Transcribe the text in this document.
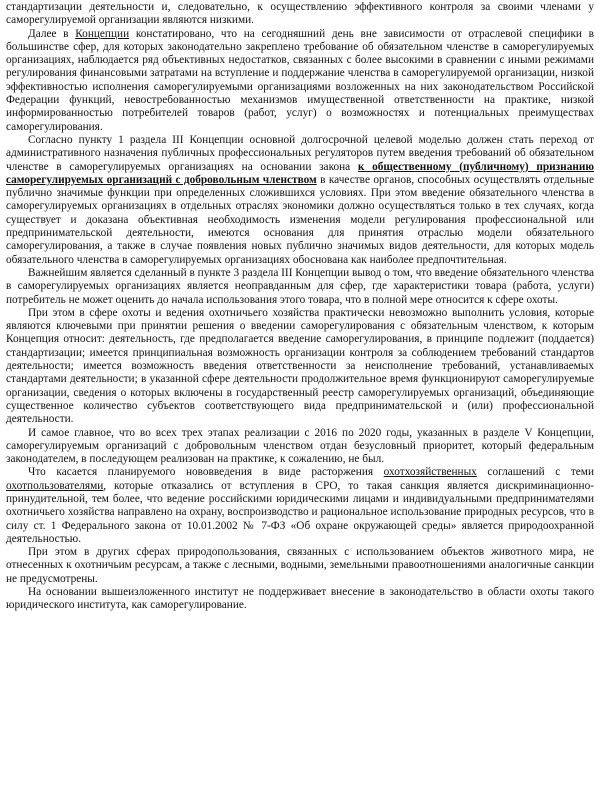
стандартизации деятельности и, следовательно, к осуществлению эффективного контроля за своими членами у саморегулируемой организации являются низкими.

Далее в Концепции констатировано, что на сегодняшний день вне зависимости от отраслевой специфики в большинстве сфер, для которых законодательно закреплено требование об обязательном членстве в саморегулируемых организациях, наблюдается ряд объективных недостатков, связанных с более высокими в сравнении с иными режимами регулирования финансовыми затратами на вступление и поддержание членства в саморегулируемой организации, низкой эффективностью исполнения саморегулируемыми организациями возложенных на них законодательством Российской Федерации функций, невостребованностью механизмов имущественной ответственности на практике, низкой информированностью потребителей товаров (работ, услуг) о возможностях и потенциальных преимуществах саморегулирования.

Согласно пункту 1 раздела III Концепции основной долгосрочной целевой моделью должен стать переход от административного назначения публичных профессиональных регуляторов путем введения требований об обязательном членстве в саморегулируемых организациях на основании закона к общественному (публичному) признанию саморегулируемых организаций с добровольным членством в качестве органов, способных осуществлять отдельные публично значимые функции при определенных сложившихся условиях. При этом введение обязательного членства в саморегулируемых организациях в отдельных отраслях экономики должно осуществляться только в тех случаях, когда существует и доказана объективная необходимость изменения модели регулирования профессиональной или предпринимательской деятельности, имеются основания для принятия отраслью модели обязательного саморегулирования, а также в случае появления новых публично значимых видов деятельности, для которых модель обязательного членства в саморегулируемых организациях обоснована как наиболее предпочтительная.

Важнейшим является сделанный в пункте 3 раздела III Концепции вывод о том, что введение обязательного членства в саморегулируемых организациях является неоправданным для сфер, где характеристики товара (работа, услуги) потребитель не может оценить до начала использования этого товара, что в полной мере относится к сфере охоты.

При этом в сфере охоты и ведения охотничьего хозяйства практически невозможно выполнить условия, которые являются ключевыми при принятии решения о введении саморегулирования с обязательным членством, к которым Концепция относит: деятельность, где предполагается введение саморегулирования, в принципе подлежит (поддается) стандартизации; имеется принципиальная возможность организации контроля за соблюдением требований стандартов деятельности; имеется возможность введения ответственности за неисполнение требований, устанавливаемых стандартами деятельности; в указанной сфере деятельности продолжительное время функционируют саморегулируемые организации, сведения о которых включены в государственный реестр саморегулируемых организаций, объединяющие существенное количество субъектов соответствующего вида предпринимательской и (или) профессиональной деятельности.

И самое главное, что во всех трех этапах реализации с 2016 по 2020 годы, указанных в разделе V Концепции, саморегулируемым организаций с добровольным членством отдан безусловный приоритет, который федеральным законодателем, в последующем реализован на практике, к сожалению, не был.

Что касается планируемого нововведения в виде расторжения охотхозяйственных соглашений с теми охотпользователями, которые отказались от вступления в СРО, то такая санкция является дискриминационно-принудительной, тем более, что ведение российскими юридическими лицами и индивидуальными предпринимателями охотничьего хозяйства направлено на охрану, воспроизводство и рациональное использование природных ресурсов, что в силу ст. 1 Федерального закона от 10.01.2002 № 7-ФЗ «Об охране окружающей среды» является природоохранной деятельностью.

При этом в других сферах природопользования, связанных с использованием объектов животного мира, не отнесенных к охотничьим ресурсам, а также с лесными, водными, земельными правоотношениями аналогичные санкции не предусмотрены.

На основании вышеизложенного институт не поддерживает внесение в законодательство в области охоты такого юридического института, как саморегулирование.
